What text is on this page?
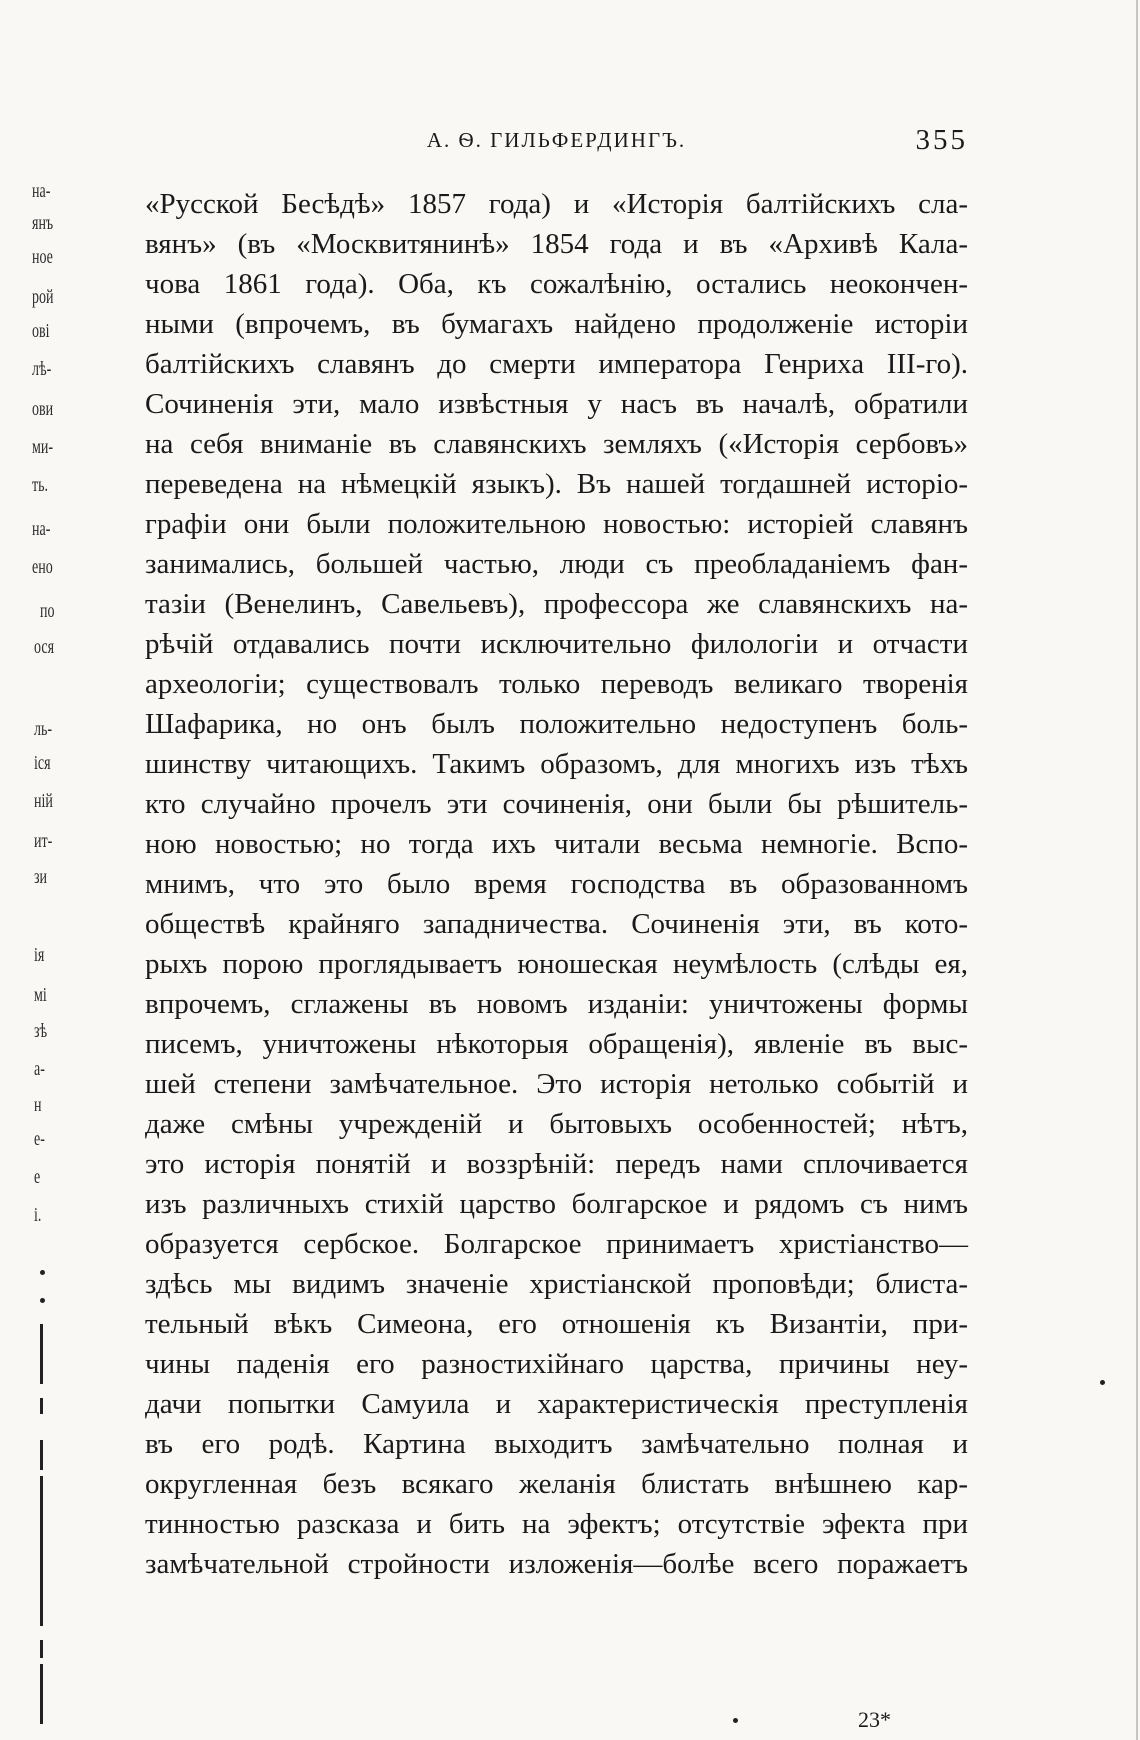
на-
янъ
ное
рой
ові
лѣ-
ови
ми-
ть.
на-
ено
по
ося
ль-
іся
ній
ит-
зи
ія
мі
зѣ
а-
н
е-
е
і.
А. Ѳ. ГИЛЬФЕРДИНГЪ.	355
«Русской Бесѣдѣ» 1857 года) и «Исторія балтійскихъ сла-
вянъ» (въ «Москвитянинѣ» 1854 года и въ «Архивѣ Кала-
чова 1861 года). Оба, къ сожалѣнію, остались неокончен-
ными (впрочемъ, въ бумагахъ найдено продолженіе исторіи
балтійскихъ славянъ до смерти императора Генриха III-го).
Сочиненія эти, мало извѣстныя у насъ въ началѣ, обратили
на себя вниманіе въ славянскихъ земляхъ («Исторія сербовъ»
переведена на нѣмецкій языкъ). Въ нашей тогдашней исторіо-
графіи они были положительною новостью: исторіей славянъ
занимались, большей частью, люди съ преобладаніемъ фан-
тазіи (Венелинъ, Савельевъ), профессора же славянскихъ на-
рѣчій отдавались почти исключительно филологіи и отчасти
археологіи; существовалъ только переводъ великаго творенія
Шафарика, но онъ былъ положительно недоступенъ боль-
шинству читающихъ. Такимъ образомъ, для многихъ изъ тѣхъ
кто случайно прочелъ эти сочиненія, они были бы рѣшитель-
ною новостью; но тогда ихъ читали весьма немногіе. Вспо-
мнимъ, что это было время господства въ образованномъ
обществѣ крайняго западничества. Сочиненія эти, въ кото-
рыхъ порою проглядываетъ юношеская неумѣлость (слѣды ея,
впрочемъ, сглажены въ новомъ изданіи: уничтожены формы
писемъ, уничтожены нѣкоторыя обращенія), явленіе въ выс-
шей степени замѣчательное. Это исторія нетолько событій и
даже смѣны учрежденій и бытовыхъ особенностей; нѣтъ,
это исторія понятій и воззрѣній: передъ нами сплочивается
изъ различныхъ стихій царство болгарское и рядомъ съ нимъ
образуется сербское. Болгарское принимаетъ христіанство—
здѣсь мы видимъ значеніе христіанской проповѣди; блиста-
тельный вѣкъ Симеона, его отношенія къ Византіи, при-
чины паденія его разностихійнаго царства, причины неу-
дачи попытки Самуила и характеристическія преступленія
въ его родѣ. Картина выходитъ замѣчательно полная и
округленная безъ всякаго желанія блистать внѣшнею кар-
тинностью разсказа и бить на эфектъ; отсутствіе эфекта при
замѣчательной стройности изложенія—болѣе всего поражаетъ
23*
